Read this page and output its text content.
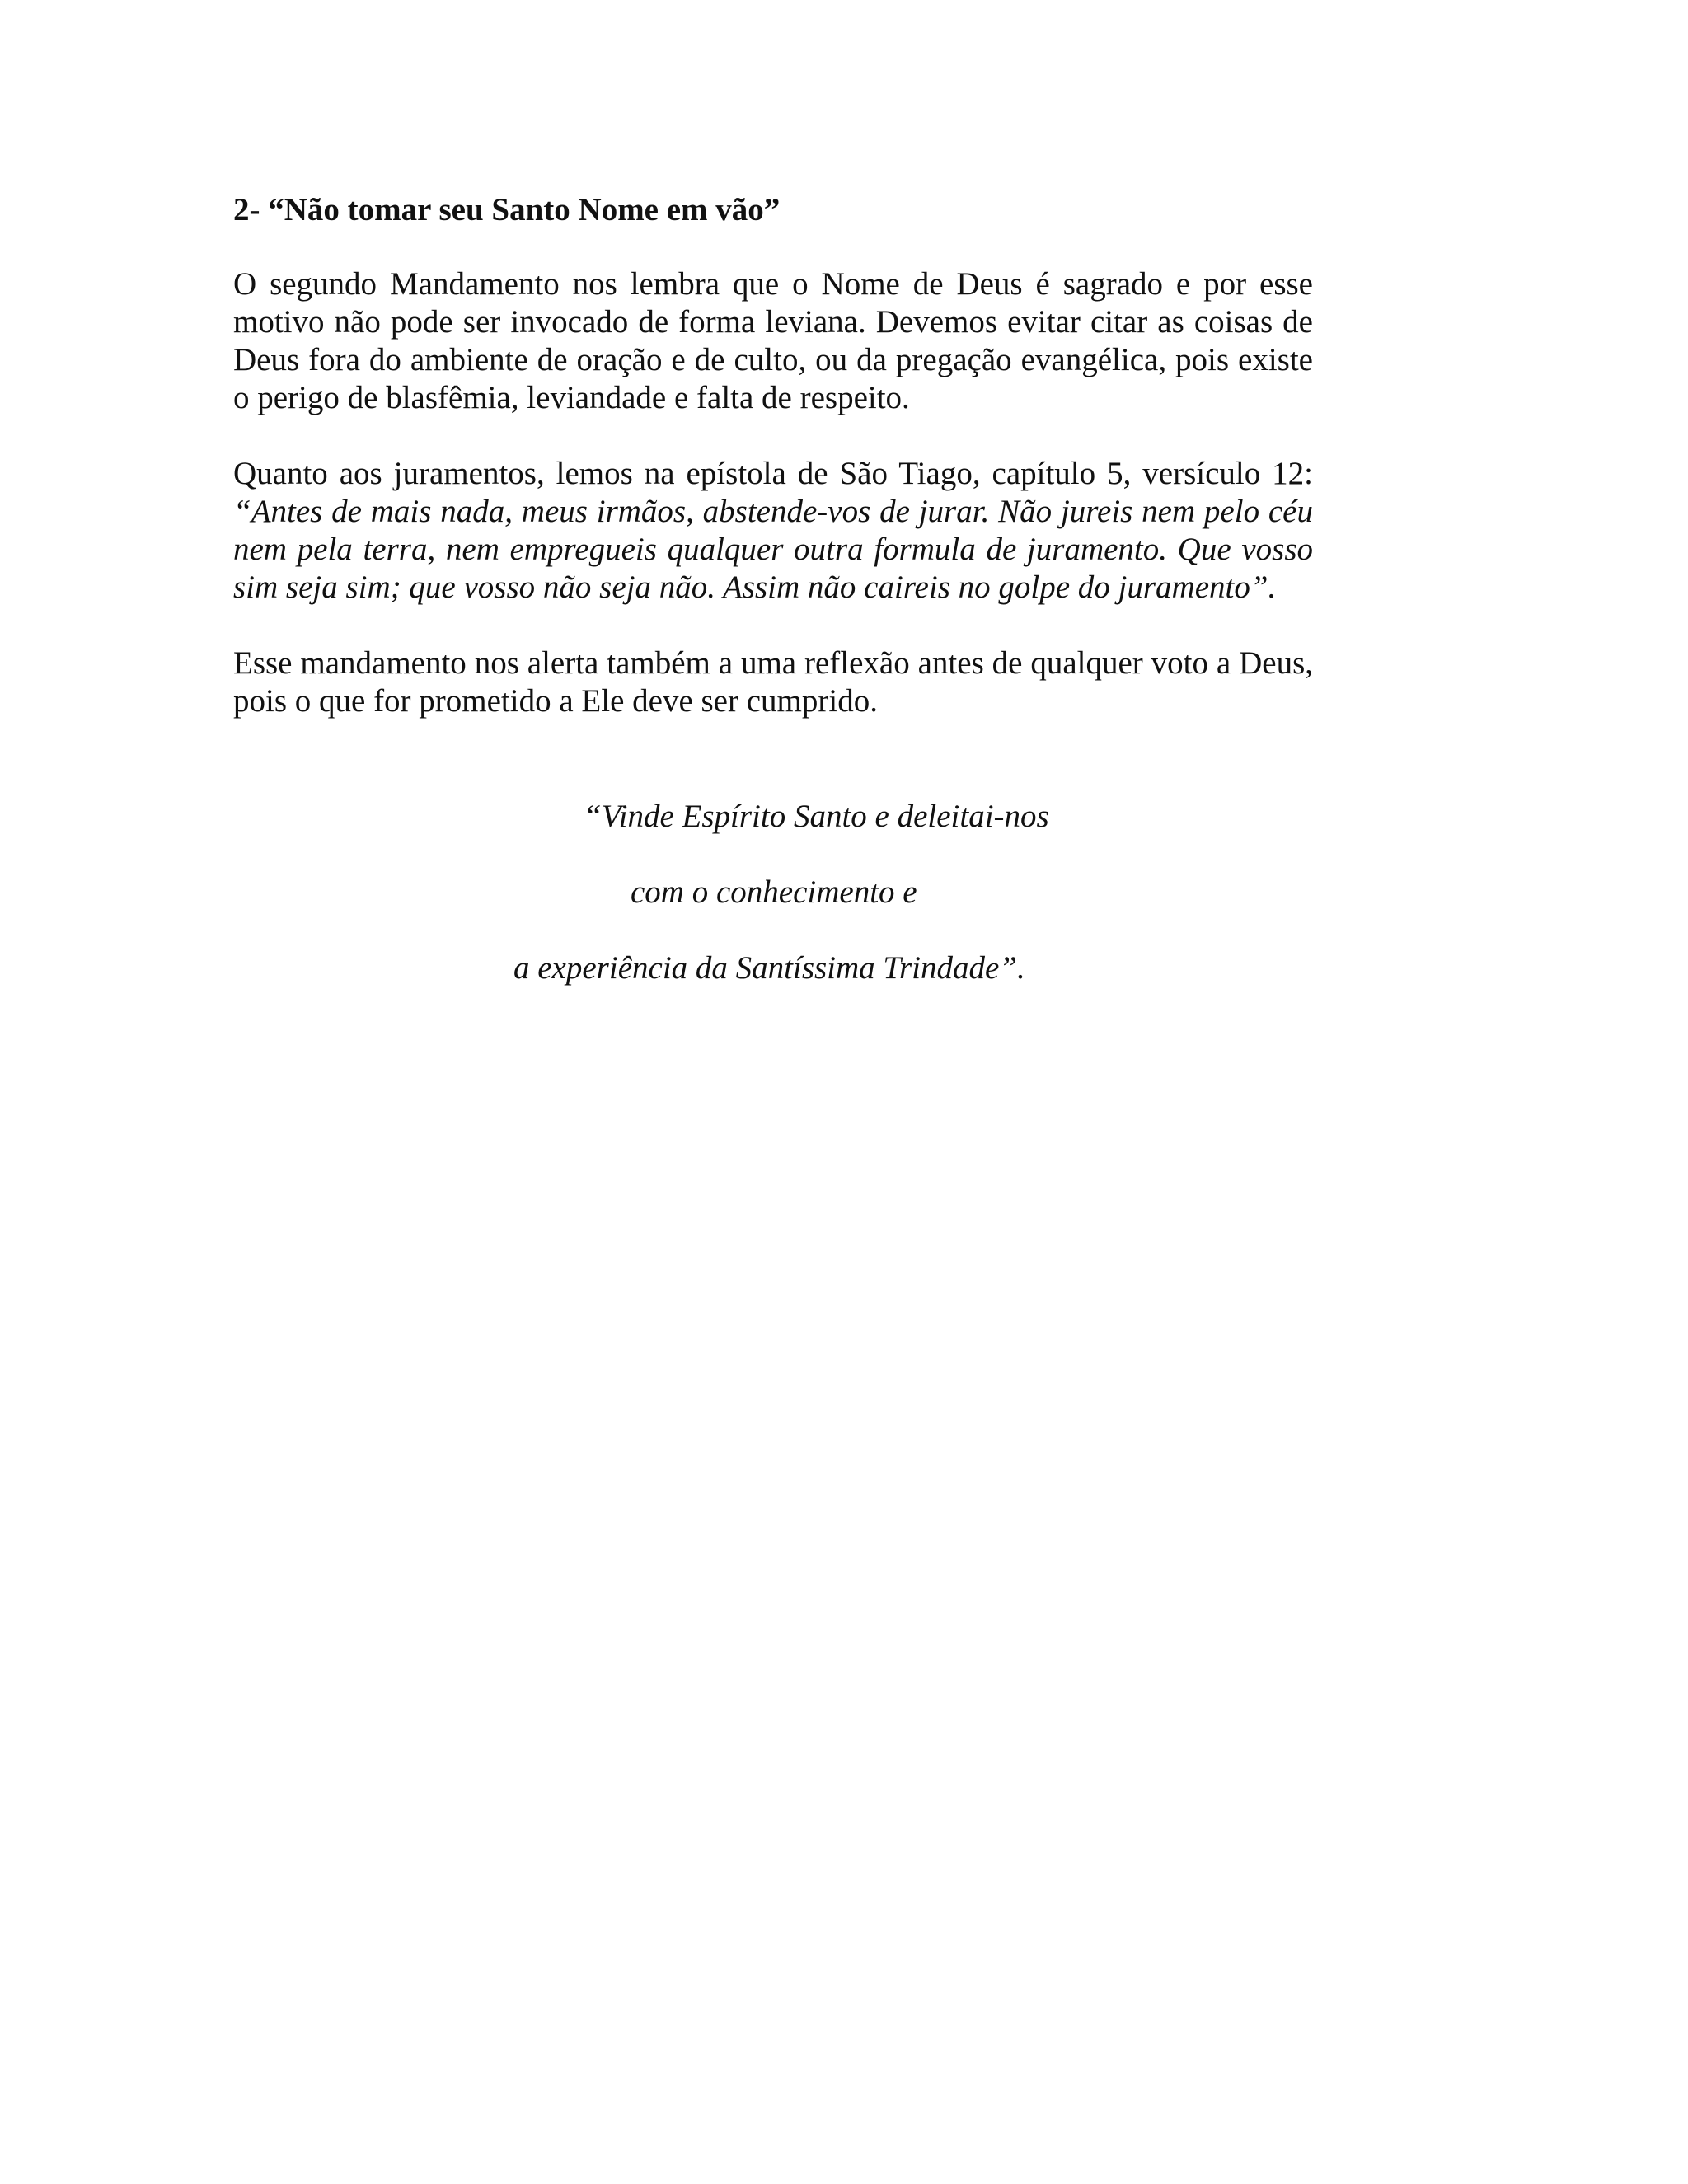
2- “Não tomar seu Santo Nome em vão”

O segundo Mandamento nos lembra que o Nome de Deus é sagrado e por esse motivo não pode ser invocado de forma leviana. Devemos evitar citar as coisas de Deus fora do ambiente de oração e de culto, ou da pregação evangélica, pois existe o perigo de blasfêmia, leviandade e falta de respeito.

Quanto aos juramentos, lemos na epístola de São Tiago, capítulo 5, versículo 12: “Antes de mais nada, meus irmãos, abstende-vos de jurar. Não jureis nem pelo céu nem pela terra, nem empregueis qualquer outra formula de juramento. Que vosso sim seja sim; que vosso não seja não. Assim não caireis no golpe do juramento”.

Esse mandamento nos alerta também a uma reflexão antes de qualquer voto a Deus, pois o que for prometido a Ele deve ser cumprido.

“Vinde Espírito Santo e deleitai-nos
com o conhecimento e
a experiência da Santíssima Trindade”.
